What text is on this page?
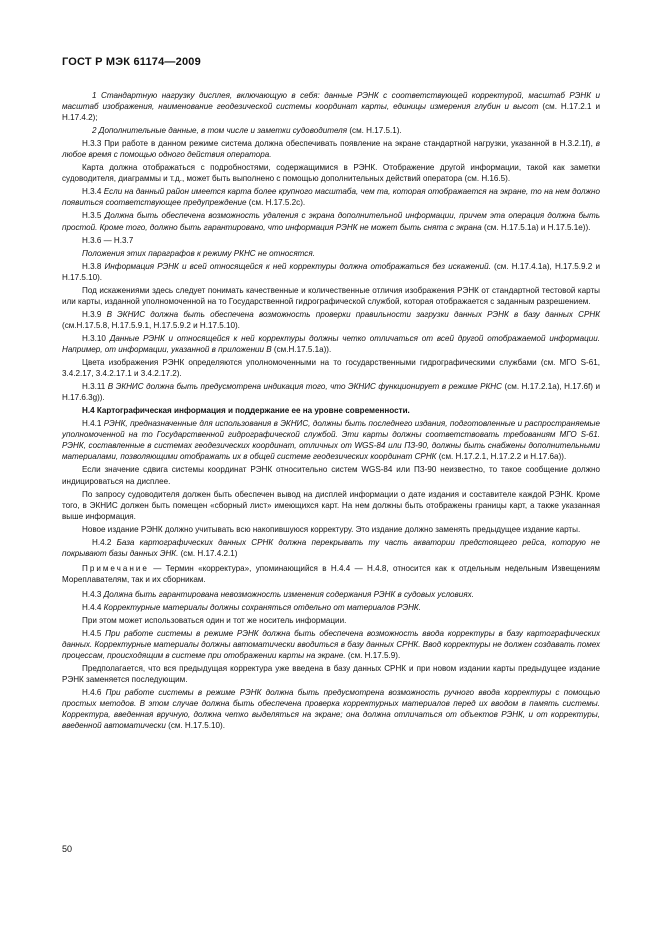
ГОСТ Р МЭК 61174—2009

1 Стандартную нагрузку дисплея, включающую в себя: данные РЭНК с соответствующей корректурой, масштаб РЭНК и масштаб изображения, наименование геодезической системы координат карты, единицы измерения глубин и высот (см. Н.17.2.1 и Н.17.4.2);

2 Дополнительные данные, в том числе и заметки судоводителя (см. Н.17.5.1).

Н.3.3 При работе в данном режиме система должна обеспечивать появление на экране стандартной нагрузки, указанной в Н.3.2.1f), в любое время с помощью одного действия оператора.

Карта должна отображаться с подробностями, содержащимися в РЭНК. Отображение другой информации, такой как заметки судоводителя, диаграммы и т.д., может быть выполнено с помощью дополнительных действий оператора (см. Н.16.5).

Н.3.4 Если на данный район имеется карта более крупного масштаба, чем та, которая отображается на экране, то на нем должно появиться соответствующее предупреждение (см. Н.17.5.2с).

Н.3.5 Должна быть обеспечена возможность удаления с экрана дополнительной информации, причем эта операция должна быть простой. Кроме того, должно быть гарантировано, что информация РЭНК не может быть снята с экрана (см. Н.17.5.1а) и Н.17.5.1е)).

Н.3.6 — Н.3.7

Положения этих параграфов к режиму РКНС не относятся.

Н.3.8 Информация РЭНК и всей относящейся к ней корректуры должна отображаться без искажений. (см. Н.17.4.1а), Н.17.5.9.2 и Н.17.5.10).

Под искажениями здесь следует понимать качественные и количественные отличия изображения РЭНК от стандартной тестовой карты или карты, изданной уполномоченной на то Государственной гидрографической службой, которая отображается с заданным разрешением.

Н.3.9 В ЭКНИС должна быть обеспечена возможность проверки правильности загрузки данных РЭНК в базу данных СРНК (см.Н.17.5.8, Н.17.5.9.1, Н.17.5.9.2 и Н.17.5.10).

Н.3.10 Данные РЭНК и относящейся к ней корректуры должны четко отличаться от всей другой отображаемой информации. Например, от информации, указанной в приложении В (см.Н.17.5.1а)).

Цвета изображения РЭНК определяются уполномоченными на то государственными гидрографическими службами (см. МГО S-61, 3.4.2.17, 3.4.2.17.1 и 3.4.2.17.2).

Н.3.11 В ЭКНИС должна быть предусмотрена индикация того, что ЭКНИС функционирует в режиме РКНС (см. Н.17.2.1а), Н.17.6f) и Н.17.6.3g)).

Н.4 Картографическая информация и поддержание ее на уровне современности.

Н.4.1 РЭНК, предназначенные для использования в ЭКНИС, должны быть последнего издания, подготовленные и распространяемые уполномоченной на то Государственной гидрографической службой. Эти карты должны соответствовать требованиям МГО S-61. РЭНК, составленные в системах геодезических координат, отличных от WGS-84 или ПЗ-90, должны быть снабжены дополнительными материалами, позволяющими отображать их в общей системе геодезических координат СРНК (см. Н.17.2.1, Н.17.2.2 и Н.17.6а)).

Если значение сдвига системы координат РЭНК относительно систем WGS-84 или ПЗ-90 неизвестно, то такое сообщение должно индицироваться на дисплее.

По запросу судоводителя должен быть обеспечен вывод на дисплей информации о дате издания и составителе каждой РЭНК. Кроме того, в ЭКНИС должен быть помещен «сборный лист» имеющихся карт. На нем должны быть отображены границы карт, а также указанная выше информация.

Новое издание РЭНК должно учитывать всю накопившуюся корректуру. Это издание должно заменять предыдущее издание карты.

Н.4.2 База картографических данных СРНК должна перекрывать ту часть акватории предстоящего рейса, которую не покрывают базы данных ЭНК. (см. Н.17.4.2.1)

Примечание — Термин «корректура», упоминающийся в Н.4.4 — Н.4.8, относится как к отдельным недельным Извещениям Мореплавателям, так и их сборникам.

Н.4.3 Должна быть гарантирована невозможность изменения содержания РЭНК в судовых условиях.

Н.4.4 Корректурные материалы должны сохраняться отдельно от материалов РЭНК.

При этом может использоваться один и тот же носитель информации.

Н.4.5 При работе системы в режиме РЭНК должна быть обеспечена возможность ввода корректуры в базу картографических данных. Корректурные материалы должны автоматически вводиться в базу данных СРНК. Ввод корректуры не должен создавать помех процессам, происходящим в системе при отображении карты на экране. (см. Н.17.5.9).

Предполагается, что вся предыдущая корректура уже введена в базу данных СРНК и при новом издании карты предыдущее издание РЭНК заменяется последующим.

Н.4.6 При работе системы в режиме РЭНК должна быть предусмотрена возможность ручного ввода корректуры с помощью простых методов. В этом случае должна быть обеспечена проверка корректурных материалов перед их вводом в память системы. Корректура, введенная вручную, должна четко выделяться на экране; она должна отличаться от объектов РЭНК, и от корректуры, введенной автоматически (см. Н.17.5.10).

50
